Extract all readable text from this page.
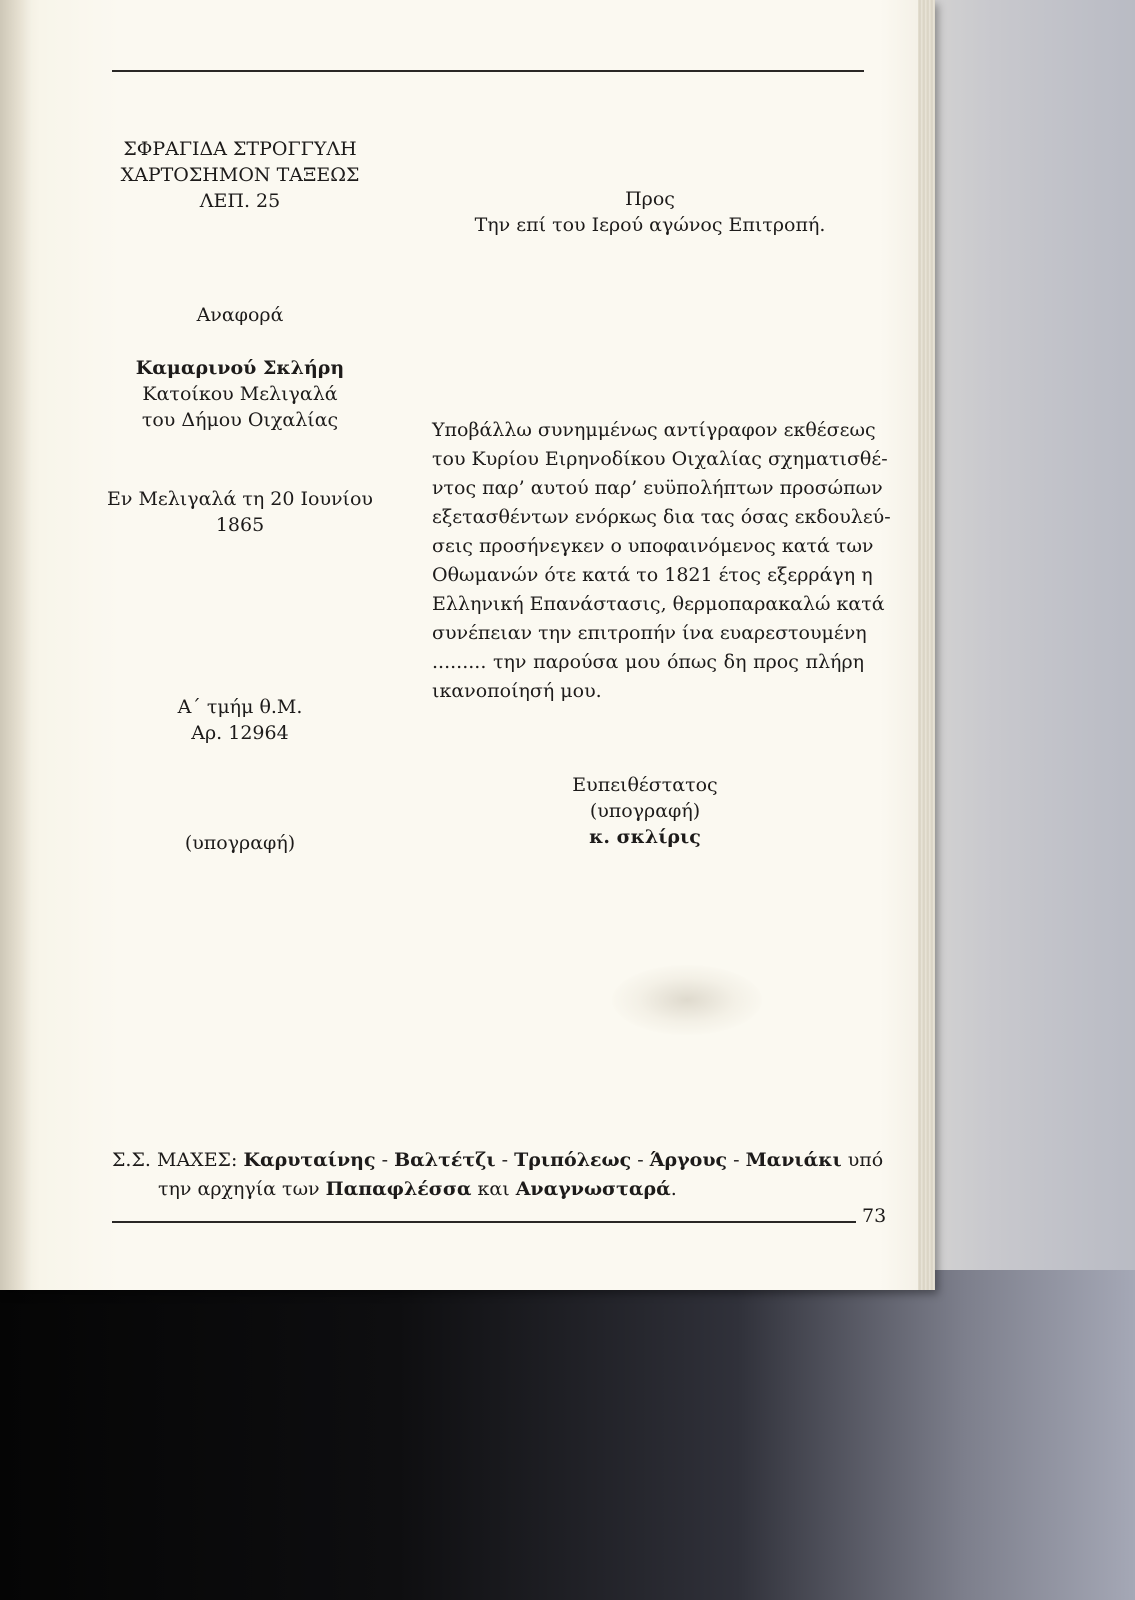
ΣΦΡΑΓΙΔΑ ΣΤΡΟΓΓΥΛΗ
ΧΑΡΤΟΣΗΜΟΝ ΤΑΞΕΩΣ
ΛΕΠ. 25
Αναφορά
Καμαρινού Σκλήρη
Κατοίκου Μελιγαλά
του Δήμου Οιχαλίας
Εν Μελιγαλά τη 20 Ιουνίου
1865
Α΄ τμήμ θ.Μ.
Αρ. 12964
(υπογραφή)
Προς
Την επί του Ιερού αγώνος Επιτροπή.
Υποβάλλω συνημμένως αντίγραφον εκθέσεως
του Κυρίου Ειρηνοδίκου Οιχαλίας σχηματισθέ-
ντος παρ’ αυτού παρ’ ευϋπολήπτων προσώπων
εξετασθέντων ενόρκως δια τας όσας εκδουλεύ-
σεις προσήνεγκεν ο υποφαινόμενος κατά των
Οθωμανών ότε κατά το 1821 έτος εξερράγη η
Ελληνική Επανάστασις, θερμοπαρακαλώ κατά
συνέπειαν την επιτροπήν ίνα ευαρεστουμένη
......... την παρούσα μου όπως δη προς πλήρη
ικανοποίησή μου.
Ευπειθέστατος
(υπογραφή)
κ. σκλίρις
Σ.Σ. ΜΑΧΕΣ: Καρυταίνης - Βαλτέτζι - Τριπόλεως - Άργους - Μανιάκι υπό
την αρχηγία των Παπαφλέσσα και Αναγνωσταρά.
73
